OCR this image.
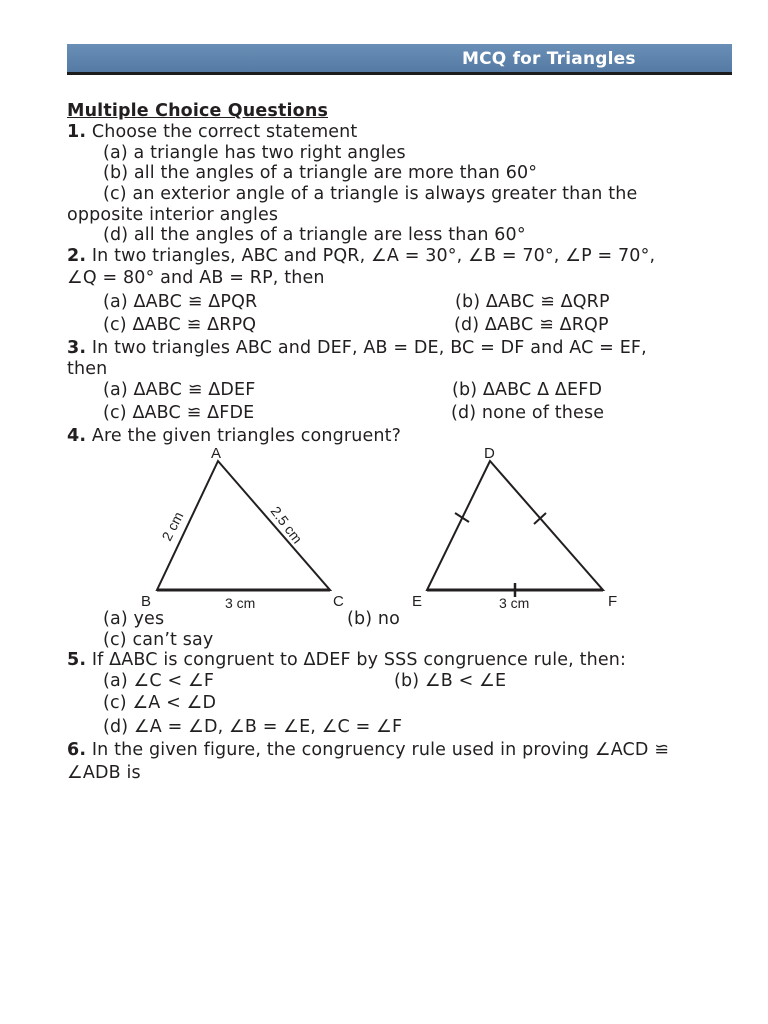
MCQ for Triangles
Multiple Choice Questions
1. Choose the correct statement
(a) a triangle has two right angles
(b) all the angles of a triangle are more than 60°
(c) an exterior angle of a triangle is always greater than the
opposite interior angles
(d) all the angles of a triangle are less than 60°
2. In two triangles, ABC and PQR, ∠A = 30°, ∠B = 70°, ∠P = 70°,
∠Q = 80° and AB = RP, then
(a) ΔABC ≌ ΔPQR	(b) ΔABC ≌ ΔQRP
(c) ΔABC ≌ ΔRPQ	(d) ΔABC ≌ ΔRQP
3. In two triangles ABC and DEF, AB = DE, BC = DF and AC = EF,
then
(a) ΔABC ≌ ΔDEF	(b) ΔABC Δ ΔEFD
(c) ΔABC ≌ ΔFDE	(d) none of these
4. Are the given triangles congruent?
A
B	C
2 cm	2.5 cm
3 cm
D
E	F
3 cm
(a) yes	(b) no
(c) can’t say
5. If ΔABC is congruent to ΔDEF by SSS congruence rule, then:
(a) ∠C < ∠F	(b) ∠B < ∠E
(c) ∠A < ∠D
(d) ∠A = ∠D, ∠B = ∠E, ∠C = ∠F
6. In the given figure, the congruency rule used in proving ∠ACD ≌
∠ADB is
